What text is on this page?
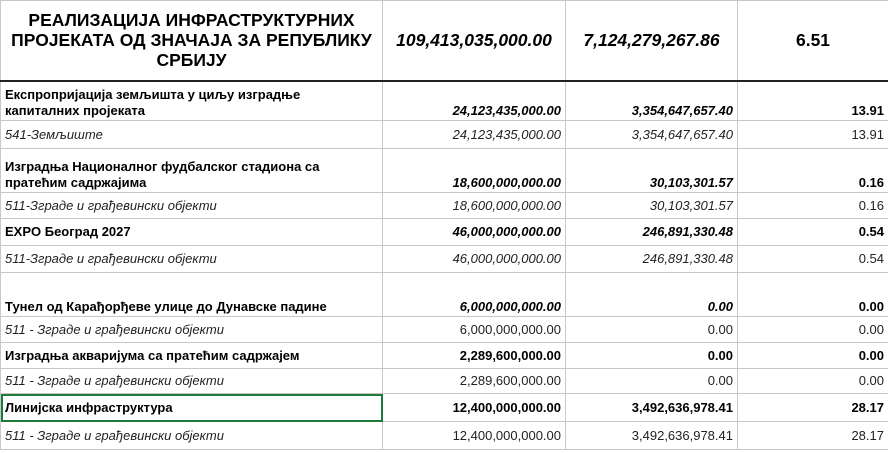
РЕАЛИЗАЦИЈА ИНФРАСТРУКТУРНИХ ПРОЈЕКАТА ОД ЗНАЧАЈА ЗА РЕПУБЛИКУ СРБИЈУ	109,413,035,000.00	7,124,279,267.86	6.51
Експропријација земљишта у циљу изградње капиталних пројеката	24,123,435,000.00	3,354,647,657.40	13.91
541-Земљиште	24,123,435,000.00	3,354,647,657.40	13.91
Изградња Националног фудбалског стадиона са пратећим садржајима	18,600,000,000.00	30,103,301.57	0.16
511-Зграде и грађевински објекти	18,600,000,000.00	30,103,301.57	0.16
EXPO Београд 2027	46,000,000,000.00	246,891,330.48	0.54
511-Зграде и грађевински објекти	46,000,000,000.00	246,891,330.48	0.54
Тунел од Карађорђеве улице до Дунавске падине	6,000,000,000.00	0.00	0.00
511 - Зграде и грађевински објекти	6,000,000,000.00	0.00	0.00
Изградња акваријума са пратећим садржајем	2,289,600,000.00	0.00	0.00
511 - Зграде и грађевински објекти	2,289,600,000.00	0.00	0.00
Линијска инфраструктура	12,400,000,000.00	3,492,636,978.41	28.17
511 - Зграде и грађевински објекти	12,400,000,000.00	3,492,636,978.41	28.17
